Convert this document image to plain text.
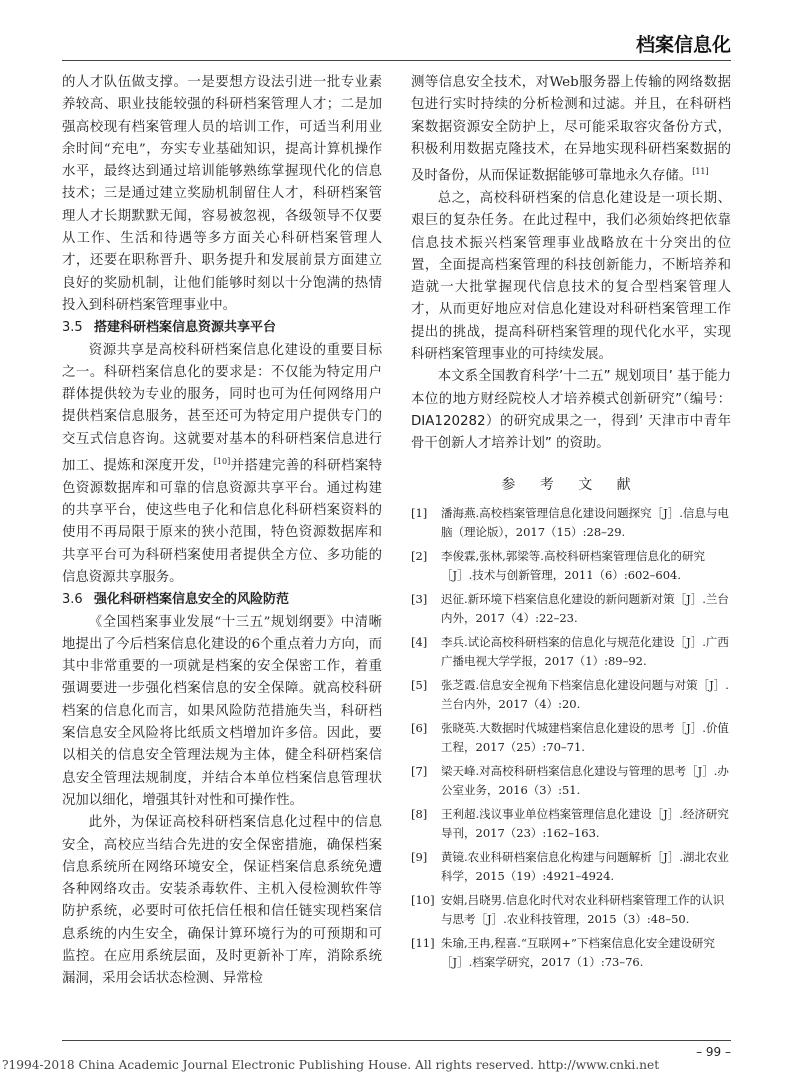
档案信息化

的人才队伍做支撑。一是要想方设法引进一批专业素养较高、职业技能较强的科研档案管理人才；二是加强高校现有档案管理人员的培训工作，可适当利用业余时间“充电”，夯实专业基础知识，提高计算机操作水平，最终达到通过培训能够熟练掌握现代化的信息技术；三是通过建立奖励机制留住人才，科研档案管理人才长期默默无闻，容易被忽视，各级领导不仅要从工作、生活和待遇等多方面关心科研档案管理人才，还要在职称晋升、职务提升和发展前景方面建立良好的奖励机制，让他们能够时刻以十分饱满的热情投入到科研档案管理事业中。

3.5 搭建科研档案信息资源共享平台

资源共享是高校科研档案信息化建设的重要目标之一。科研档案信息化的要求是：不仅能为特定用户群体提供较为专业的服务，同时也可为任何网络用户提供档案信息服务，甚至还可为特定用户提供专门的交互式信息咨询。这就要对基本的科研档案信息进行加工、提炼和深度开发，[10]并搭建完善的科研档案特色资源数据库和可靠的信息资源共享平台。通过构建的共享平台，使这些电子化和信息化科研档案资料的使用不再局限于原来的狭小范围，特色资源数据库和共享平台可为科研档案使用者提供全方位、多功能的信息资源共享服务。

3.6 强化科研档案信息安全的风险防范

《全国档案事业发展“十三五”规划纲要》中清晰地提出了今后档案信息化建设的6个重点着力方向，而其中非常重要的一项就是档案的安全保密工作，着重强调要进一步强化档案信息的安全保障。就高校科研档案的信息化而言，如果风险防范措施失当，科研档案信息安全风险将比纸质文档增加许多倍。因此，要以相关的信息安全管理法规为主体，健全科研档案信息安全管理法规制度，并结合本单位档案信息管理状况加以细化，增强其针对性和可操作性。

此外，为保证高校科研档案信息化过程中的信息安全，高校应当结合先进的安全保密措施，确保档案信息系统所在网络环境安全，保证档案信息系统免遭各种网络攻击。安装杀毒软件、主机入侵检测软件等防护系统，必要时可依托信任根和信任链实现档案信息系统的内生安全，确保计算环境行为的可预期和可监控。在应用系统层面，及时更新补丁库，消除系统漏洞，采用会话状态检测、异常检

测等信息安全技术，对Web服务器上传输的网络数据包进行实时持续的分析检测和过滤。并且，在科研档案数据资源安全防护上，尽可能采取容灾备份方式，积极利用数据克隆技术，在异地实现科研档案数据的及时备份，从而保证数据能够可靠地永久存储。[11]

总之，高校科研档案的信息化建设是一项长期、艰巨的复杂任务。在此过程中，我们必须始终把依靠信息技术振兴档案管理事业战略放在十分突出的位置，全面提高档案管理的科技创新能力，不断培养和造就一大批掌握现代信息技术的复合型档案管理人才，从而更好地应对信息化建设对科研档案管理工作提出的挑战，提高科研档案管理的现代化水平，实现科研档案管理事业的可持续发展。

本文系全国教育科学’十二五” 规划项目’ 基于能力本位的地方财经院校人才培养模式创新研究”（编号：DIA120282）的研究成果之一，得到’ 天津市中青年骨干创新人才培养计划” 的资助。

参 考 文 献
[1] 潘海燕.高校档案管理信息化建设问题探究［J］.信息与电脑（理论版），2017（15）:28–29.
[2] 李俊霖,张林,郭梁等.高校科研档案管理信息化的研究［J］.技术与创新管理，2011（6）:602–604.
[3] 迟征.新环境下档案信息化建设的新问题新对策［J］.兰台内外，2017（4）:22–23.
[4] 李兵.试论高校科研档案的信息化与规范化建设［J］.广西广播电视大学学报，2017（1）:89–92.
[5] 张芝霞.信息安全视角下档案信息化建设问题与对策［J］.兰台内外，2017（4）:20.
[6] 张晓英.大数据时代城建档案信息化建设的思考［J］.价值工程，2017（25）:70–71.
[7] 梁天峰.对高校科研档案信息化建设与管理的思考［J］.办公室业务，2016（3）:51.
[8] 王利超.浅议事业单位档案管理信息化建设［J］.经济研究导刊，2017（23）:162–163.
[9] 黄镜.农业科研档案信息化构建与问题解析［J］.湖北农业科学，2015（19）:4921–4924.
[10] 安娟,吕晓男.信息化时代对农业科研档案管理工作的认识与思考［J］.农业科技管理，2015（3）:48–50.
[11] 朱瑜,王冉,程喜.“互联网+”下档案信息化安全建设研究［J］.档案学研究，2017（1）:73–76.
– 99 –
?1994-2018 China Academic Journal Electronic Publishing House. All rights reserved. http://www.cnki.net
